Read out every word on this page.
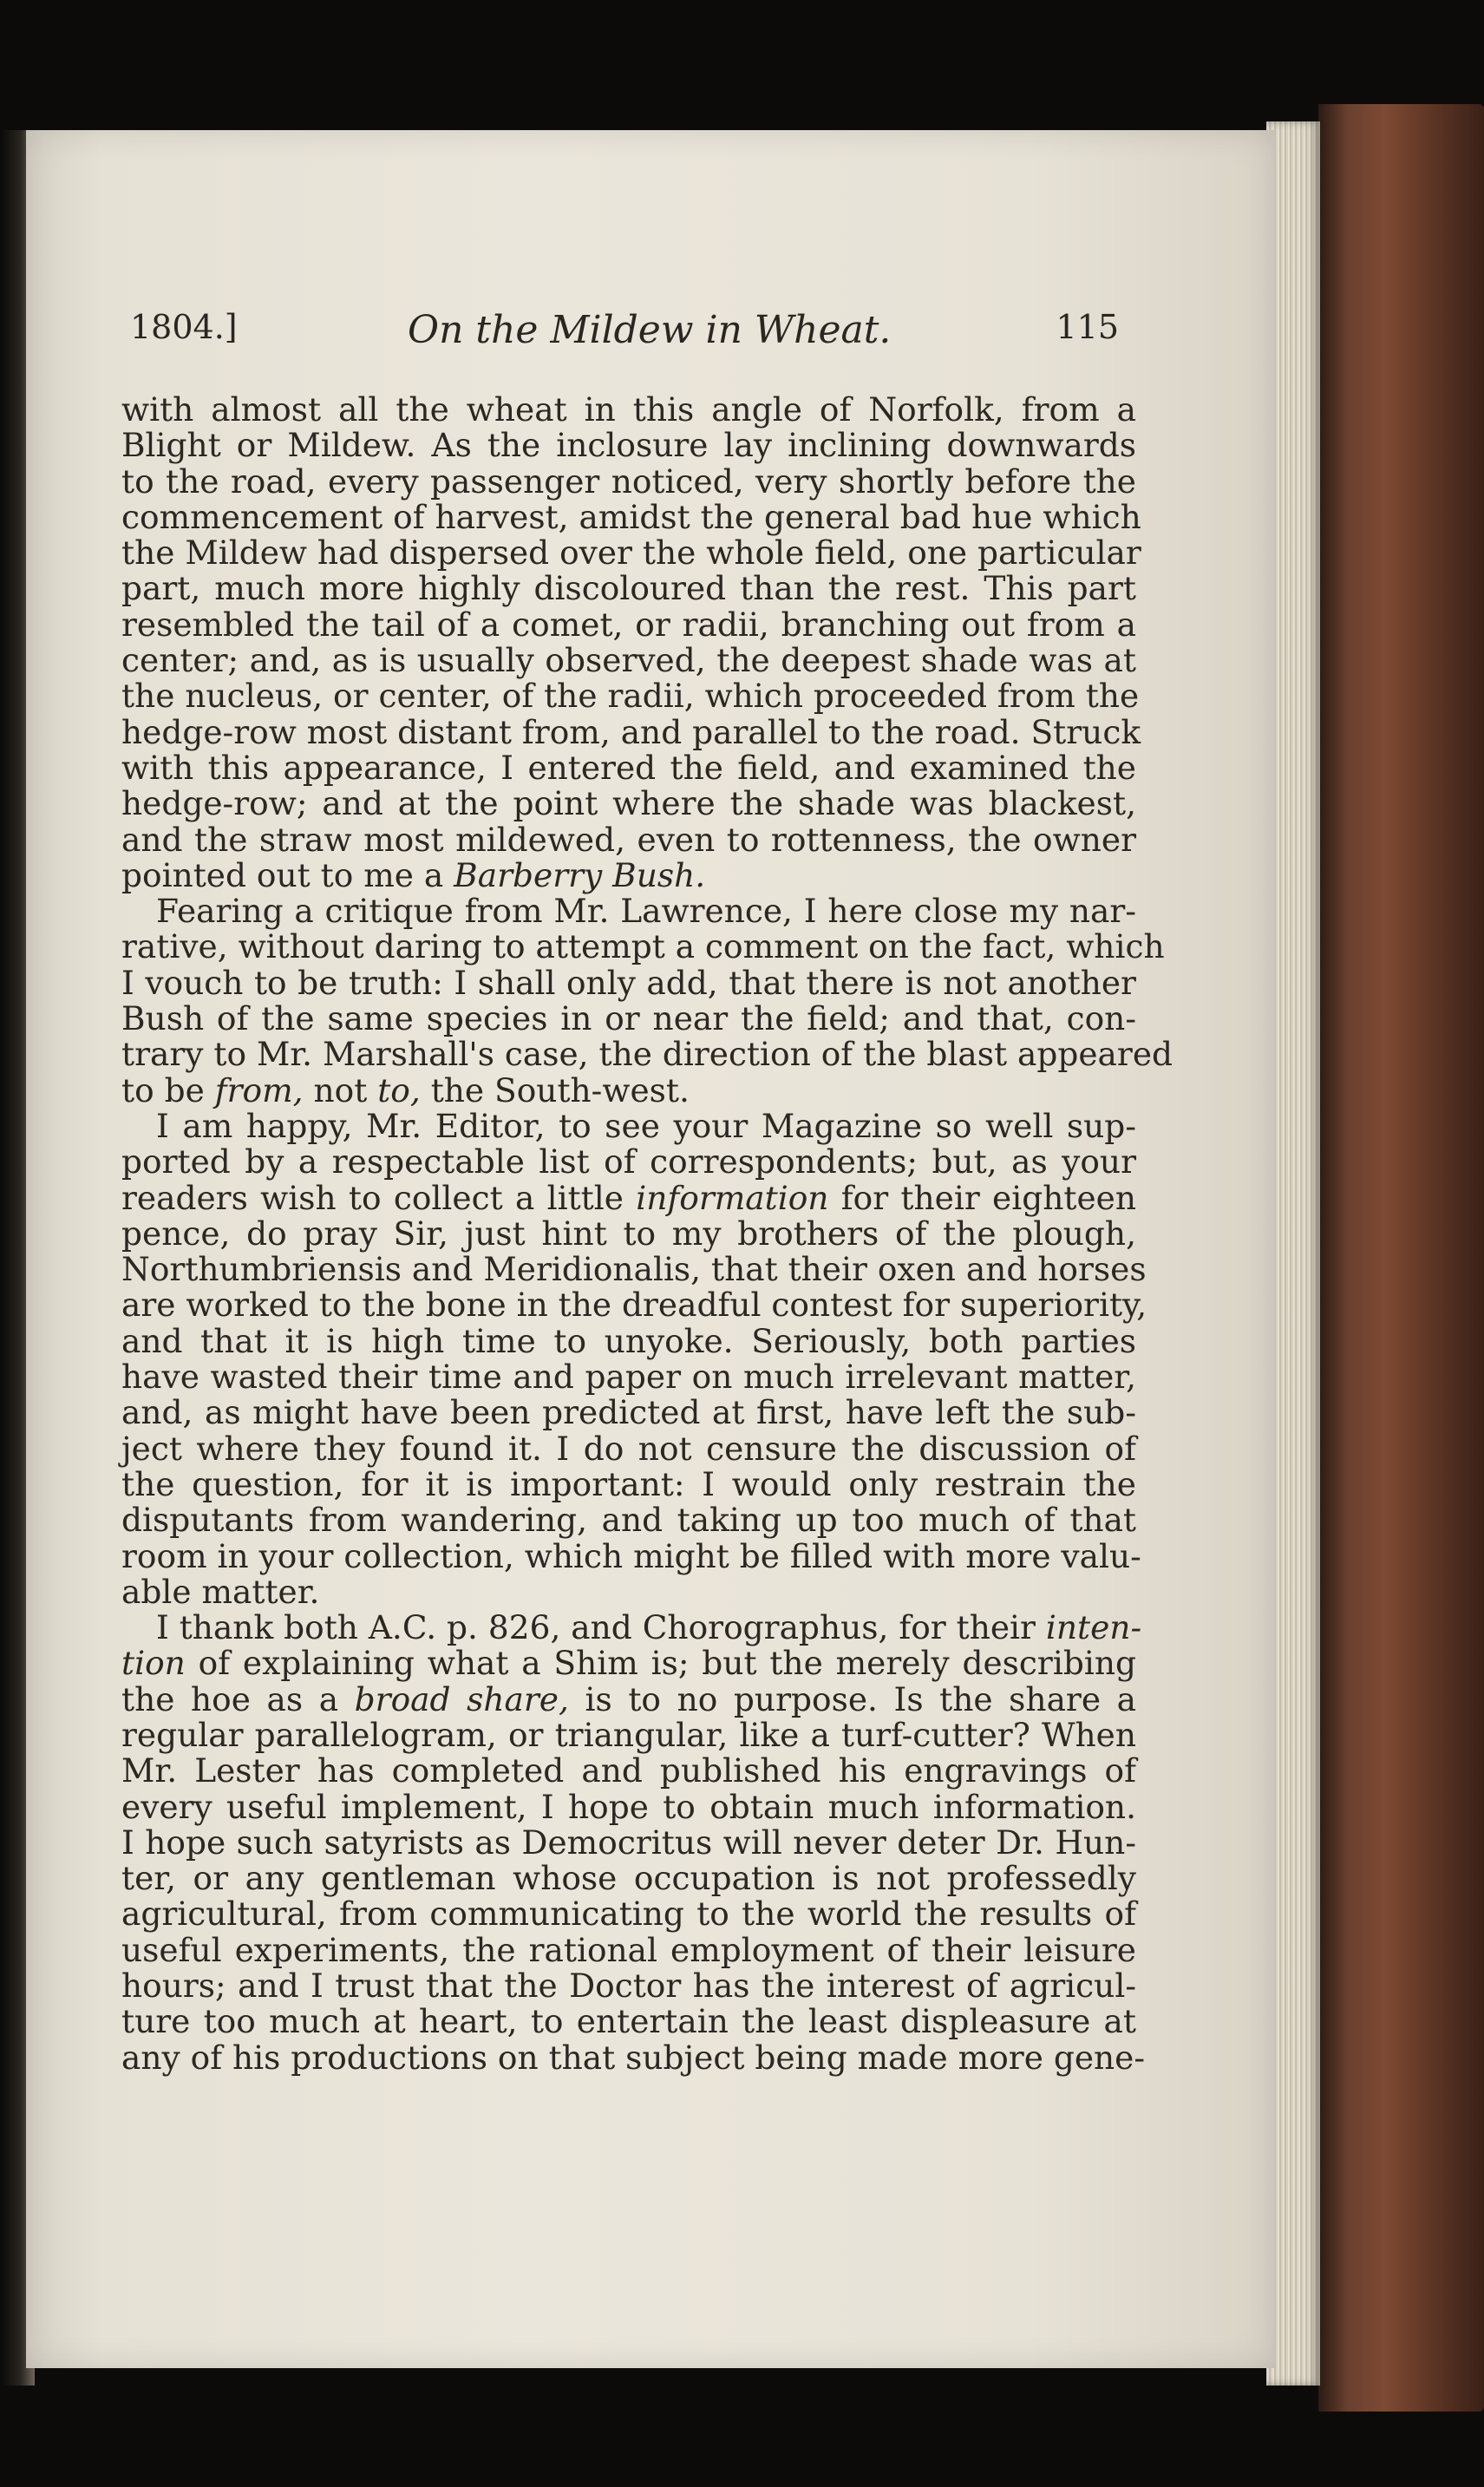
1804.]	On the Mildew in Wheat.	115
with almost all the wheat in this angle of Norfolk, from a
Blight or Mildew. As the inclosure lay inclining downwards
to the road, every passenger noticed, very shortly before the
commencement of harvest, amidst the general bad hue which
the Mildew had dispersed over the whole field, one particular
part, much more highly discoloured than the rest. This part
resembled the tail of a comet, or radii, branching out from a
center; and, as is usually observed, the deepest shade was at
the nucleus, or center, of the radii, which proceeded from the
hedge-row most distant from, and parallel to the road. Struck
with this appearance, I entered the field, and examined the
hedge-row; and at the point where the shade was blackest,
and the straw most mildewed, even to rottenness, the owner
pointed out to me a Barberry Bush.
Fearing a critique from Mr. Lawrence, I here close my nar-
rative, without daring to attempt a comment on the fact, which
I vouch to be truth: I shall only add, that there is not another
Bush of the same species in or near the field; and that, con-
trary to Mr. Marshall's case, the direction of the blast appeared
to be from, not to, the South-west.
I am happy, Mr. Editor, to see your Magazine so well sup-
ported by a respectable list of correspondents; but, as your
readers wish to collect a little information for their eighteen
pence, do pray Sir, just hint to my brothers of the plough,
Northumbriensis and Meridionalis, that their oxen and horses
are worked to the bone in the dreadful contest for superiority,
and that it is high time to unyoke. Seriously, both parties
have wasted their time and paper on much irrelevant matter,
and, as might have been predicted at first, have left the sub-
ject where they found it. I do not censure the discussion of
the question, for it is important: I would only restrain the
disputants from wandering, and taking up too much of that
room in your collection, which might be filled with more valu-
able matter.
I thank both A.C. p. 826, and Chorographus, for their inten-
tion of explaining what a Shim is; but the merely describing
the hoe as a broad share, is to no purpose. Is the share a
regular parallelogram, or triangular, like a turf-cutter? When
Mr. Lester has completed and published his engravings of
every useful implement, I hope to obtain much information.
I hope such satyrists as Democritus will never deter Dr. Hun-
ter, or any gentleman whose occupation is not professedly
agricultural, from communicating to the world the results of
useful experiments, the rational employment of their leisure
hours; and I trust that the Doctor has the interest of agricul-
ture too much at heart, to entertain the least displeasure at
any of his productions on that subject being made more gene-
